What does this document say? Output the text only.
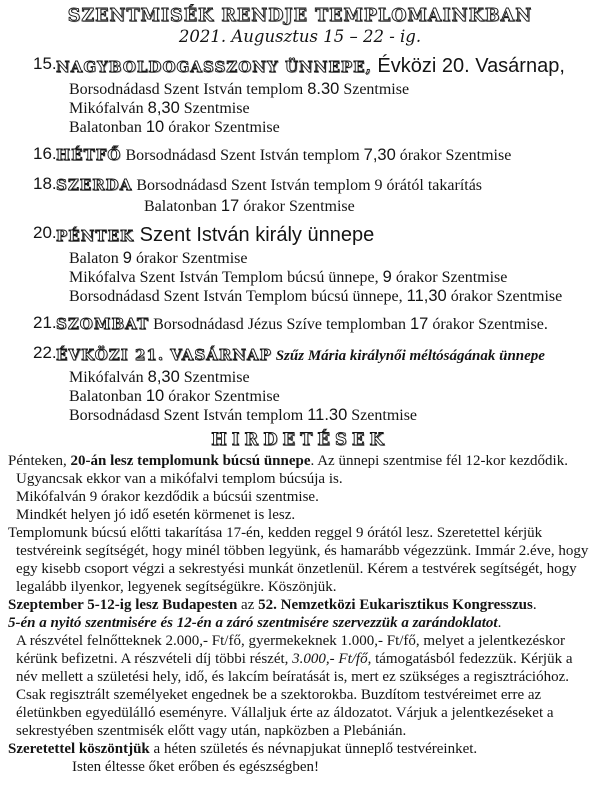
SZENTMISÉK RENDJE TEMPLOMAINKBAN
2021. Augusztus 15 – 22 - ig.
15. NAGYBOLDOGASSZONY ÜNNEPE, Évközi 20. Vasárnap,
Borsodnádasd Szent István templom 8.30 Szentmise
Mikófalván 8,30 Szentmise
Balatonban 10 órakor Szentmise
16. HÉTFŐ Borsodnádasd Szent István templom 7,30 órakor Szentmise
18. SZERDA Borsodnádasd Szent István templom 9 órától takarítás
Balatonban 17 órakor Szentmise
20. PÉNTEK Szent István király ünnepe
Balaton 9 órakor Szentmise
Mikófalva Szent István Templom búcsú ünnepe, 9 órakor Szentmise
Borsodnádasd Szent István Templom búcsú ünnepe, 11,30 órakor Szentmise
21. SZOMBAT Borsodnádasd Jézus Szíve templomban 17 órakor Szentmise.
22. ÉVKÖZI 21. VASÁRNAP Szűz Mária királynői méltóságának ünnepe
Mikófalván 8,30 Szentmise
Balatonban 10 órakor Szentmise
Borsodnádasd Szent István templom 11.30 Szentmise
HIRDETÉSEK

Pénteken, 20-án lesz templomunk búcsú ünnepe. Az ünnepi szentmise fél 12-kor kezdődik. Ugyancsak ekkor van a mikófalvi templom búcsúja is.

Mikófalván 9 órakor kezdődik a búcsúi szentmise.

Mindkét helyen jó idő esetén körmenet is lesz.

Templomunk búcsú előtti takarítása 17-én, kedden reggel 9 órától lesz. Szeretettel kérjük testvéreink segítségét, hogy minél többen legyünk, és hamarább végezzünk. Immár 2.éve, hogy egy kisebb csoport végzi a sekrestyési munkát önzetlenül. Kérem a testvérek segítségét, hogy legalább ilyenkor, legyenek segítségükre. Köszönjük.

Szeptember 5-12-ig lesz Budapesten az 52. Nemzetközi Eukarisztikus Kongresszus.

5-én a nyitó szentmisére és 12-én a záró szentmisére szervezzük a zarándoklatot.

A részvétel felnőtteknek 2.000,- Ft/fő, gyermekeknek 1.000,- Ft/fő, melyet a jelentkezéskor kérünk befizetni. A részvételi díj többi részét, 3.000,- Ft/fő, támogatásból fedezzük. Kérjük a név mellett a születési hely, idő, és lakcím beíratását is, mert ez szükséges a regisztrációhoz. Csak regisztrált személyeket engednek be a szektorokba. Buzdítom testvéreimet erre az életünkben egyedülálló eseményre. Vállaljuk érte az áldozatot. Várjuk a jelentkezéseket a sekrestyében szentmisék előtt vagy után, napközben a Plebánián.

Szeretettel köszöntjük a héten születés és névnapjukat ünneplő testvéreinket.

Isten éltesse őket erőben és egészségben!
